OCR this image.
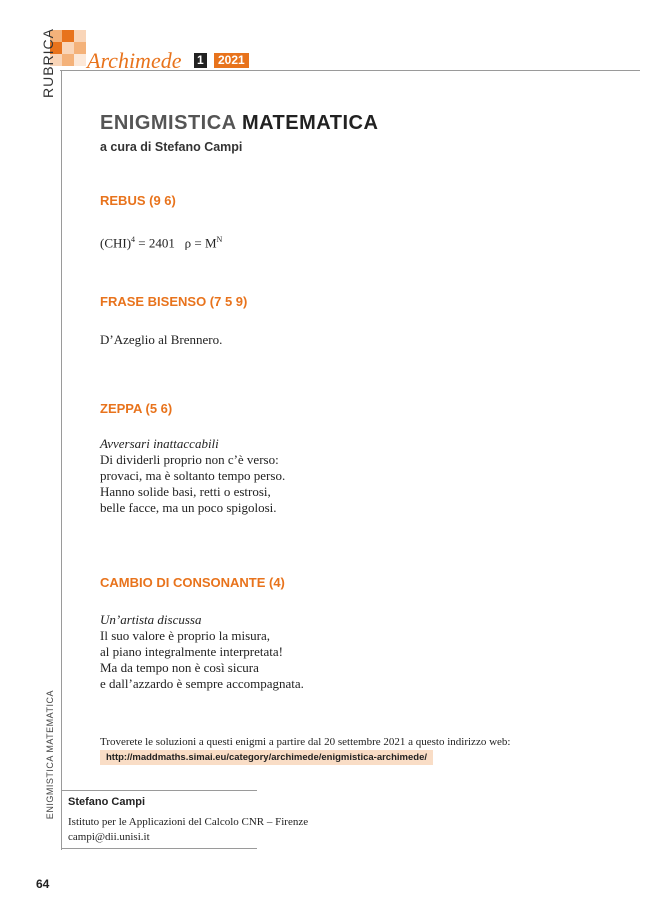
RUBRICA Archimede 1	2021
ENIGMISTICA MATEMATICA
ENIGMISTICA MATEMATICA
a cura di Stefano Campi
REBUS (9 6)
(CHI)$^4$ = 2401   $\rho = M^N$
FRASE BISENSO (7 5 9)
D’Azeglio al Brennero.
ZEPPA (5 6)
Avversari inattaccabili
Di dividerli proprio non c’è verso:
provaci, ma è soltanto tempo perso.
Hanno solide basi, retti o estrosi,
belle facce, ma un poco spigolosi.
CAMBIO DI CONSONANTE (4)
Un’artista discussa
Il suo valore è proprio la misura,
al piano integralmente interpretata!
Ma da tempo non è così sicura
e dall’azzardo è sempre accompagnata.
Troverete le soluzioni a questi enigmi a partire dal 20 settembre 2021 a questo indirizzo web:
http://maddmaths.simai.eu/category/archimede/enigmistica-archimede/
Stefano Campi
Istituto per le Applicazioni del Calcolo CNR – Firenze
campi@dii.unisi.it
64
